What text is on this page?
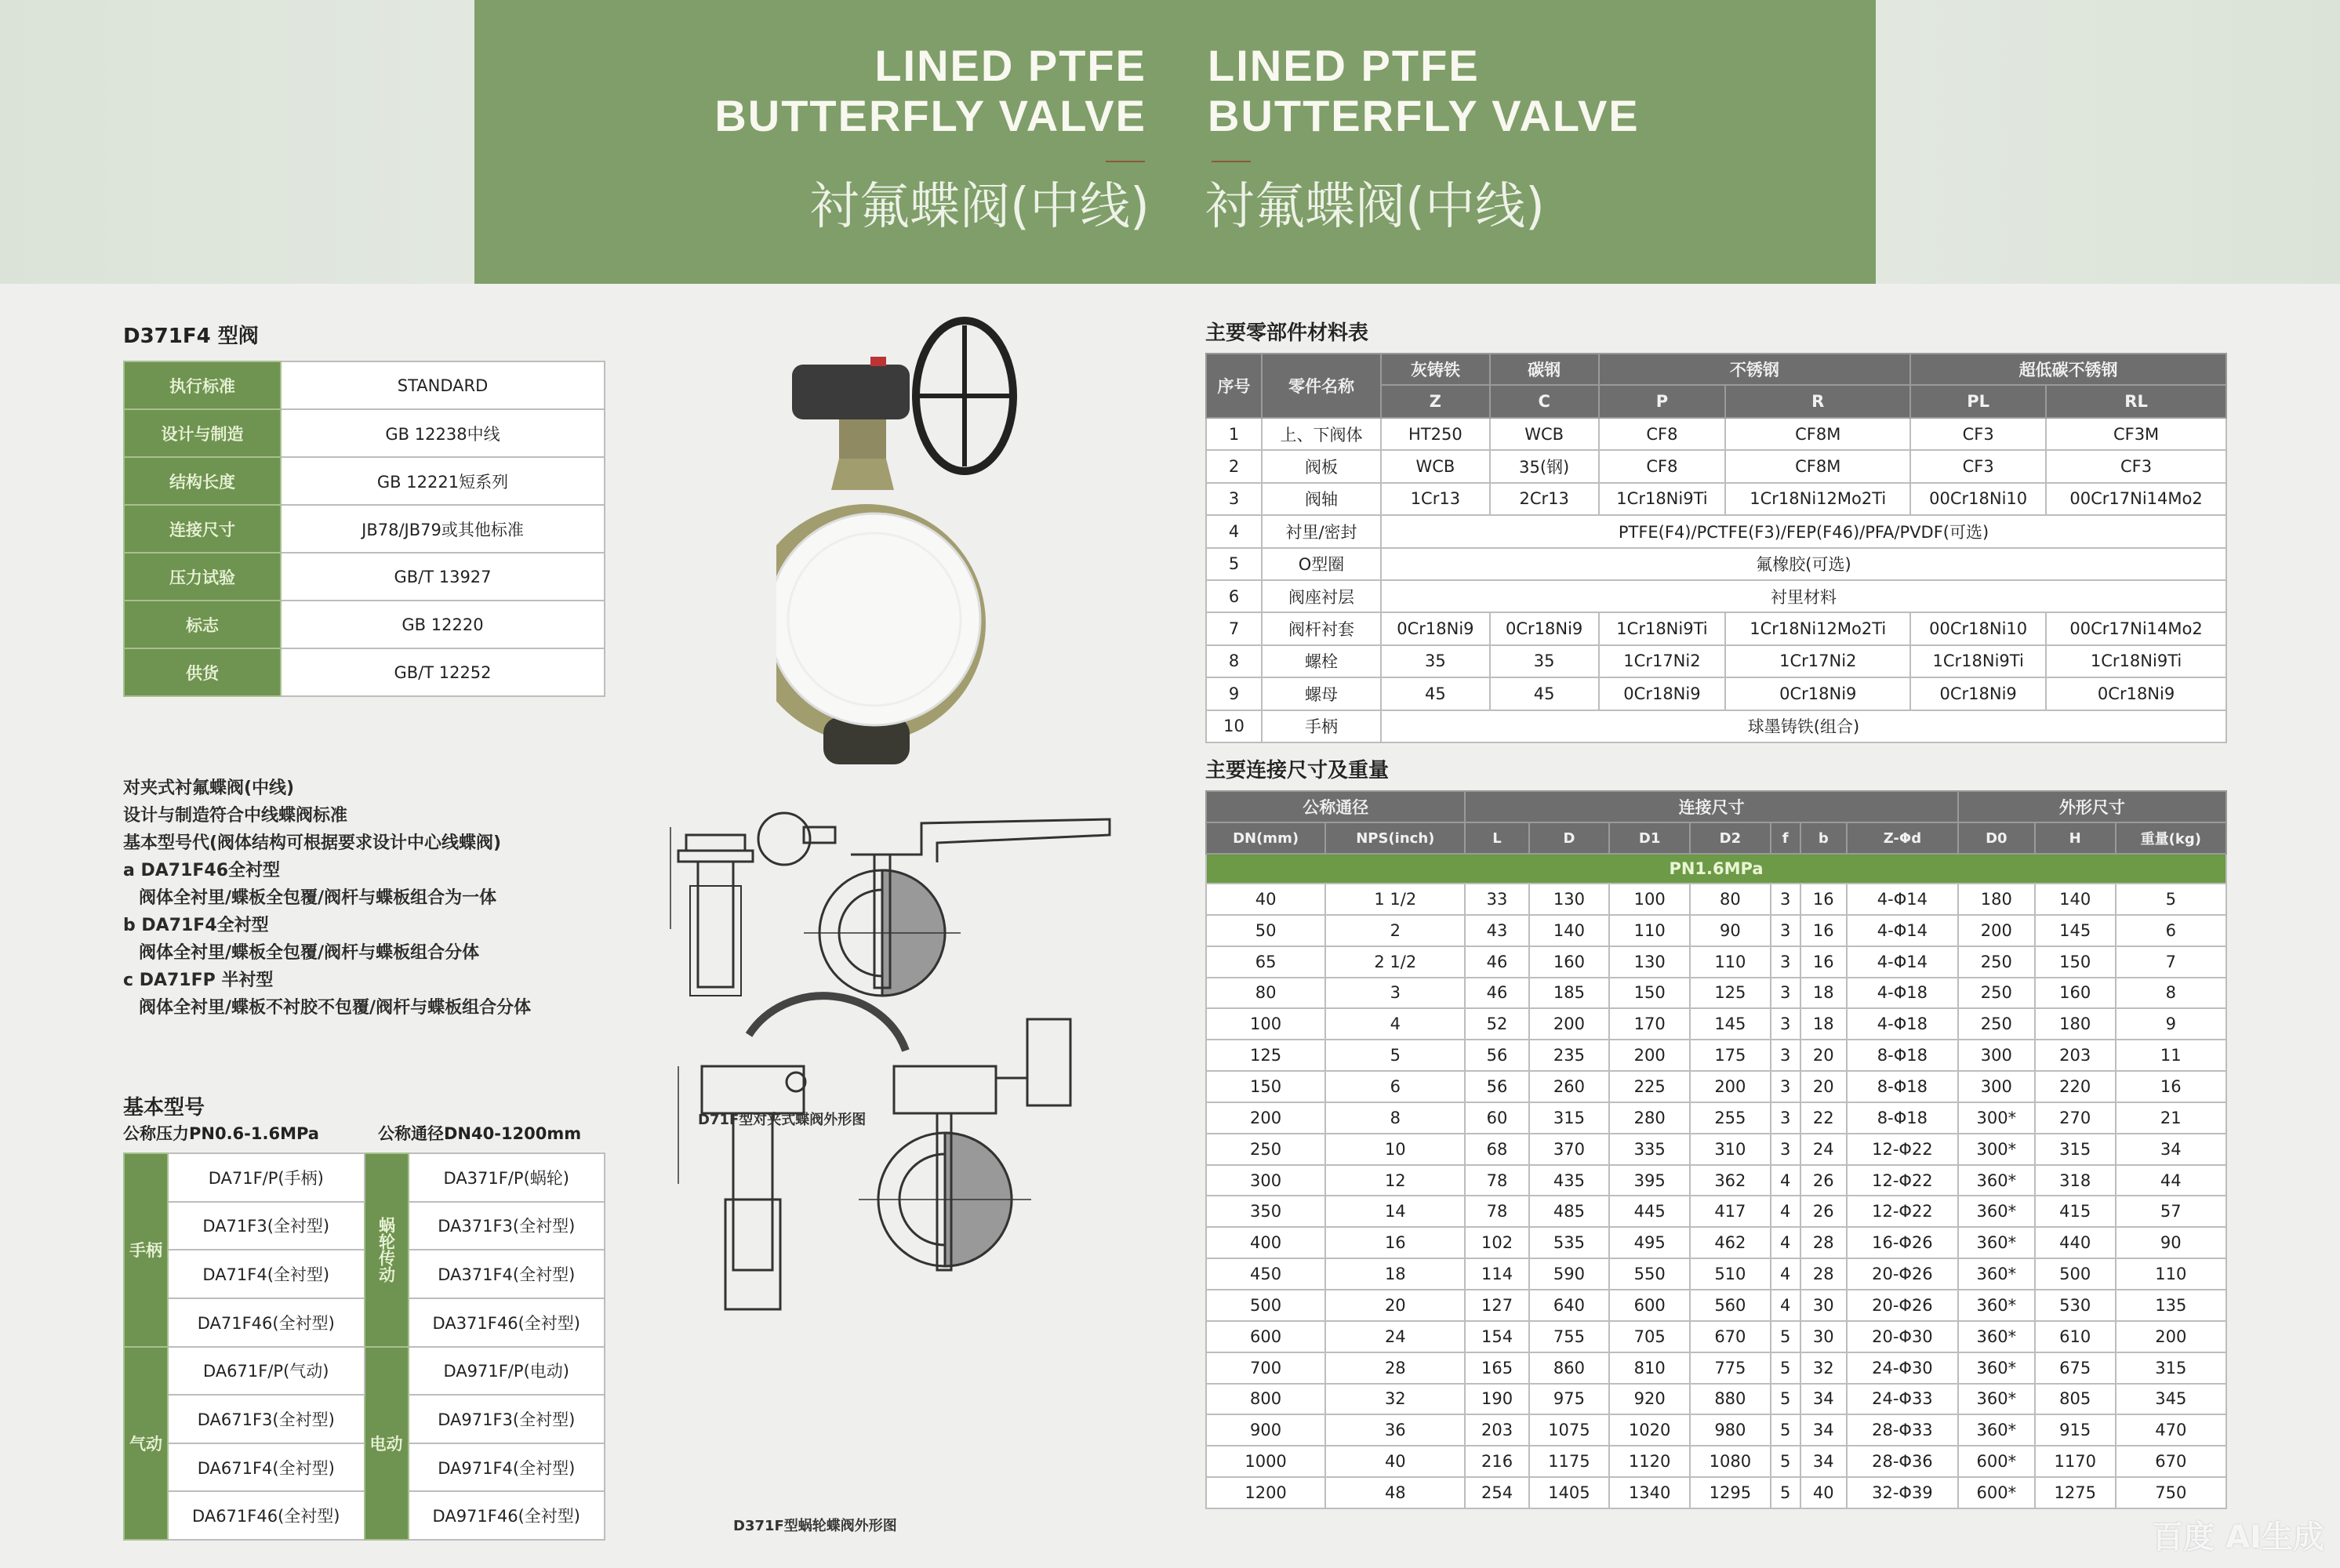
LINED PTFE
BUTTERFLY VALVE
LINED PTFE
BUTTERFLY VALVE
衬氟蝶阀(中线) 衬氟蝶阀(中线)
D371F4 型阀
执行标准	STANDARD
设计与制造	GB 12238中线
结构长度	GB 12221短系列
连接尺寸	JB78/JB79或其他标准
压力试验	GB/T 13927
标志	GB 12220
供货	GB/T 12252
对夹式衬氟蝶阀(中线)
设计与制造符合中线蝶阀标准
基本型号代(阀体结构可根据要求设计中心线蝶阀)
a DA71F46全衬型
阀体全衬里/蝶板全包覆/阀杆与蝶板组合为一体
b DA71F4全衬型
阀体全衬里/蝶板全包覆/阀杆与蝶板组合分体
c DA71FP 半衬型
阀体全衬里/蝶板不衬胶不包覆/阀杆与蝶板组合分体
基本型号
公称压力PN0.6-1.6MPa	公称通径DN40-1200mm
手柄	DA71F/P(手柄)	蜗轮传动	DA371F/P(蜗轮)
	DA71F3(全衬型)		DA371F3(全衬型)
	DA71F4(全衬型)		DA371F4(全衬型)
	DA71F46(全衬型)		DA371F46(全衬型)
气动	DA671F/P(气动)	电动	DA971F/P(电动)
	DA671F3(全衬型)		DA971F3(全衬型)
	DA671F4(全衬型)		DA971F4(全衬型)
	DA671F46(全衬型)		DA971F46(全衬型)
D71F型对夹式蝶阀外形图
D371F型蜗轮蝶阀外形图
主要零部件材料表
序号	零件名称	灰铸铁	碳钢	不锈钢		超低碳不锈钢	
		Z	C	P	R	PL	RL
1	上、下阀体	HT250	WCB	CF8	CF8M	CF3	CF3M
2	阀板	WCB	35(钢)	CF8	CF8M	CF3	CF3
3	阀轴	1Cr13	2Cr13	1Cr18Ni9Ti	1Cr18Ni12Mo2Ti	00Cr18Ni10	00Cr17Ni14Mo2
4	衬里/密封	PTFE(F4)/PCTFE(F3)/FEP(F46)/PFA/PVDF(可选)					
5	O型圈	氟橡胶(可选)					
6	阀座衬层	衬里材料					
7	阀杆衬套	0Cr18Ni9	0Cr18Ni9	1Cr18Ni9Ti	1Cr18Ni12Mo2Ti	00Cr18Ni10	00Cr17Ni14Mo2
8	螺栓	35	35	1Cr17Ni2	1Cr17Ni2	1Cr18Ni9Ti	1Cr18Ni9Ti
9	螺母	45	45	0Cr18Ni9	0Cr18Ni9	0Cr18Ni9	0Cr18Ni9
10	手柄	球墨铸铁(组合)					
主要连接尺寸及重量
公称通径		连接尺寸							外形尺寸		
DN(mm)	NPS(inch)	L	D	D1	D2	f	b	Z-Φd	D0	H	重量(kg)
PN1.6MPa											
40	1 1/2	33	130	100	80	3	16	4-Φ14	180	140	5
50	2	43	140	110	90	3	16	4-Φ14	200	145	6
65	2 1/2	46	160	130	110	3	16	4-Φ14	250	150	7
80	3	46	185	150	125	3	18	4-Φ18	250	160	8
100	4	52	200	170	145	3	18	4-Φ18	250	180	9
125	5	56	235	200	175	3	20	8-Φ18	300	203	11
150	6	56	260	225	200	3	20	8-Φ18	300	220	16
200	8	60	315	280	255	3	22	8-Φ18	300*	270	21
250	10	68	370	335	310	3	24	12-Φ22	300*	315	34
300	12	78	435	395	362	4	26	12-Φ22	360*	318	44
350	14	78	485	445	417	4	26	12-Φ22	360*	415	57
400	16	102	535	495	462	4	28	16-Φ26	360*	440	90
450	18	114	590	550	510	4	28	20-Φ26	360*	500	110
500	20	127	640	600	560	4	30	20-Φ26	360*	530	135
600	24	154	755	705	670	5	30	20-Φ30	360*	610	200
700	28	165	860	810	775	5	32	24-Φ30	360*	675	315
800	32	190	975	920	880	5	34	24-Φ33	360*	805	345
900	36	203	1075	1020	980	5	34	28-Φ33	360*	915	470
1000	40	216	1175	1120	1080	5	34	28-Φ36	600*	1170	670
1200	48	254	1405	1340	1295	5	40	32-Φ39	600*	1275	750
百度 AI生成
